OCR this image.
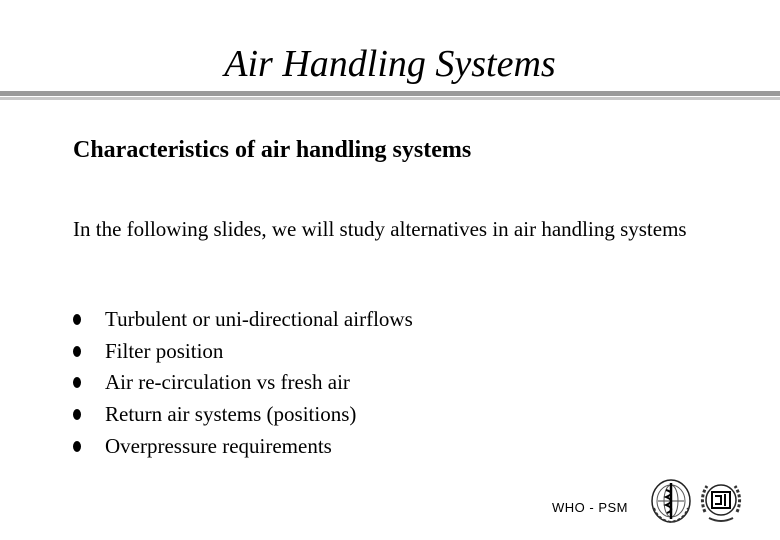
Air Handling Systems
Characteristics of air handling systems
In the following slides, we will study alternatives in air handling systems
Turbulent or uni-directional airflows
Filter position
Air re-circulation vs fresh air
Return air systems (positions)
Overpressure requirements
WHO - PSM
